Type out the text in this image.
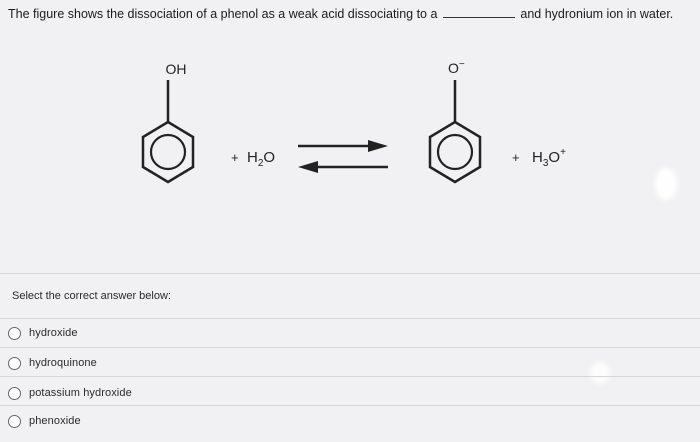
The figure shows the dissociation of a phenol as a weak acid dissociating to a	and hydronium ion in water.
OH
+ $H_2O$
O−
+ $H_3O^+$
Select the correct answer below:
hydroxide
hydroquinone
potassium hydroxide
phenoxide
